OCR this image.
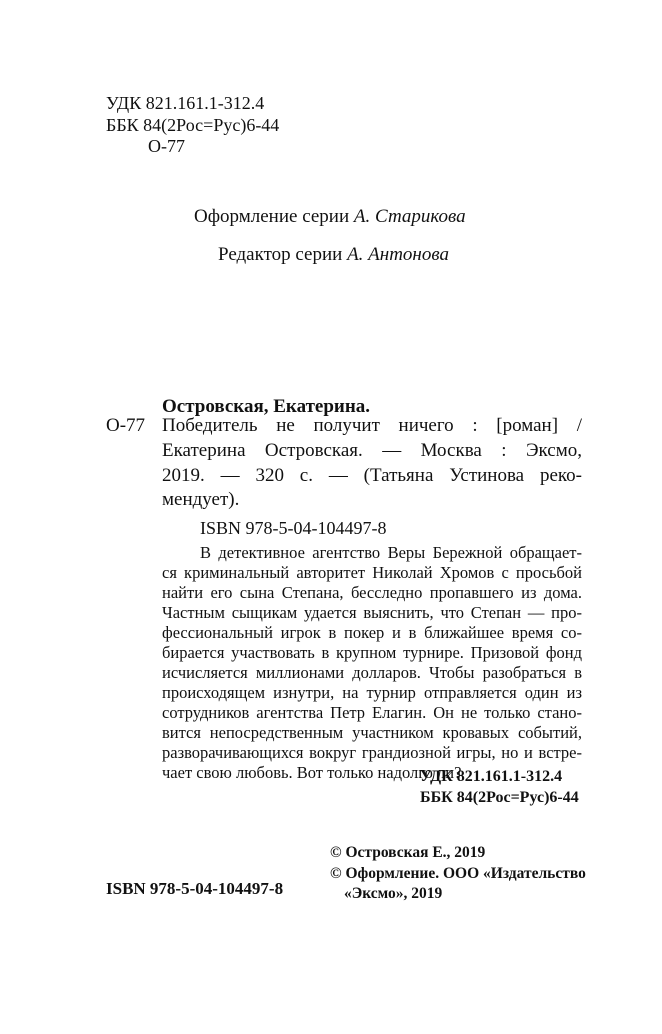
УДК 821.161.1-312.4
ББК 84(2Рос=Рус)6-44
О-77
Оформление серии А. Старикова
Редактор серии А. Антонова
Островская, Екатерина.
О-77 Победитель не получит ничего : [роман] /
Екатерина Островская. — Москва : Эксмо,
2019. — 320 с. — (Татьяна Устинова реко-
мендует).
ISBN 978-5-04-104497-8
В детективное агентство Веры Бережной обращает-
ся криминальный авторитет Николай Хромов с просьбой
найти его сына Степана, бесследно пропавшего из дома.
Частным сыщикам удается выяснить, что Степан — про-
фессиональный игрок в покер и в ближайшее время со-
бирается участвовать в крупном турнире. Призовой фонд
исчисляется миллионами долларов. Чтобы разобраться в
происходящем изнутри, на турнир отправляется один из
сотрудников агентства Петр Елагин. Он не только стано-
вится непосредственным участником кровавых событий,
разворачивающихся вокруг грандиозной игры, но и встре-
чает свою любовь. Вот только надолго ли?
УДК 821.161.1-312.4
ББК 84(2Рос=Рус)6-44
© Островская Е., 2019
© Оформление. ООО «Издательство
«Эксмо», 2019
ISBN 978-5-04-104497-8
